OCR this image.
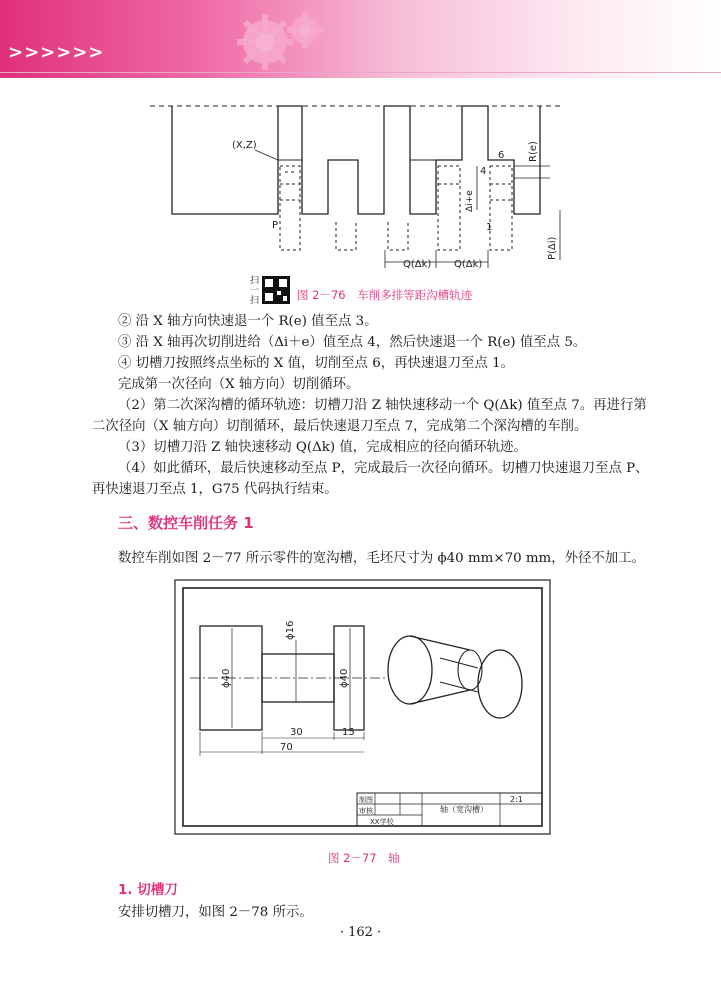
>>>>>>
(X,Z)
P	1
6
4
Q(Δk) Q(Δk)
R(e)
Δi+e
P(Δi)
扫
一
扫	图 2－76　车削多排等距沟槽轨迹

② 沿 X 轴方向快速退一个 R(e) 值至点 3。

③ 沿 X 轴再次切削进给（Δi＋e）值至点 4，然后快速退一个 R(e) 值至点 5。

④ 切槽刀按照终点坐标的 X 值，切削至点 6，再快速退刀至点 1。

完成第一次径向（X 轴方向）切削循环。

（2）第二次深沟槽的循环轨迹：切槽刀沿 Z 轴快速移动一个 Q(Δk) 值至点 7。再进行第二次径向（X 轴方向）切削循环，最后快速退刀至点 7，完成第二个深沟槽的车削。

（3）切槽刀沿 Z 轴快速移动 Q(Δk) 值，完成相应的径向循环轨迹。

（4）如此循环，最后快速移动至点 P，完成最后一次径向循环。切槽刀快速退刀至点 P、再快速退刀至点 1，G75 代码执行结束。

三、数控车削任务 1

数控车削如图 2－77 所示零件的宽沟槽，毛坯尺寸为 ϕ40 mm×70 mm，外径不加工。

ϕ16
ϕ40	ϕ40
30	15
70
制图
审核	轴（宽沟槽）
2:1
XX学校
图 2－77　轴
1. 切槽刀

安排切槽刀，如图 2－78 所示。

· 162 ·
